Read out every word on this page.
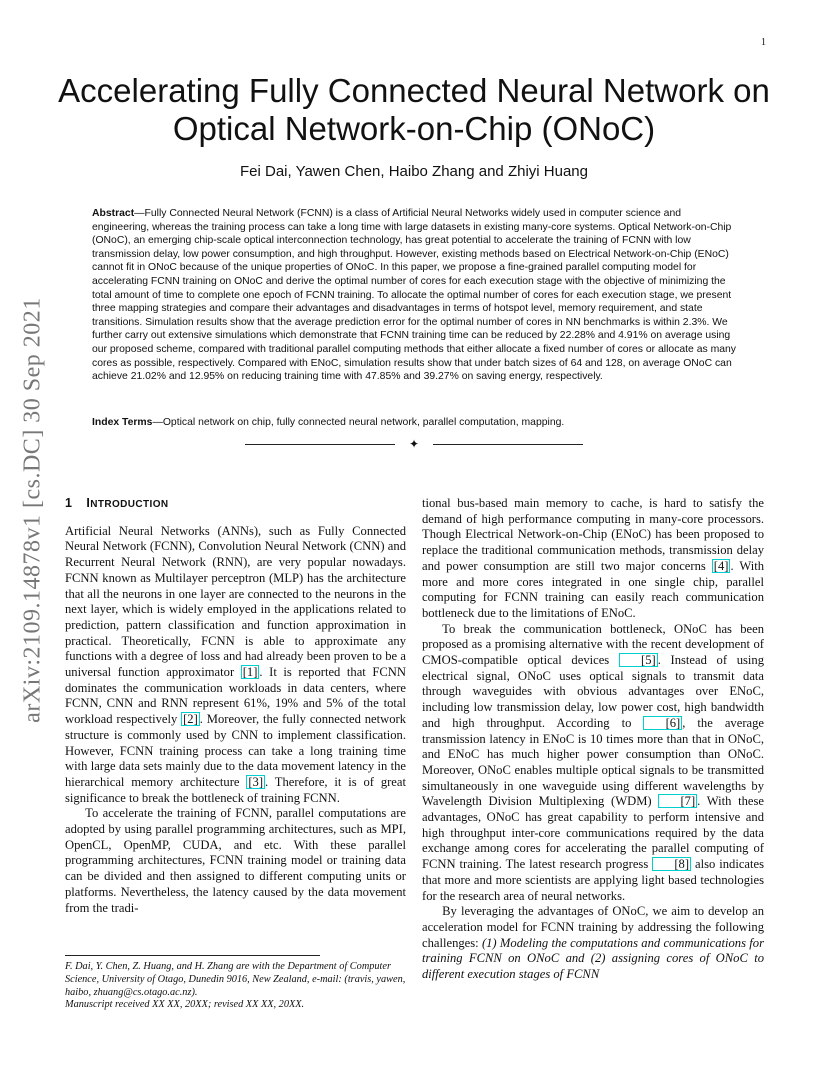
1
arXiv:2109.14878v1 [cs.DC] 30 Sep 2021
Accelerating Fully Connected Neural Network on Optical Network-on-Chip (ONoC)
Fei Dai, Yawen Chen, Haibo Zhang and Zhiyi Huang
Abstract—Fully Connected Neural Network (FCNN) is a class of Artificial Neural Networks widely used in computer science and engineering, whereas the training process can take a long time with large datasets in existing many-core systems. Optical Network-on-Chip (ONoC), an emerging chip-scale optical interconnection technology, has great potential to accelerate the training of FCNN with low transmission delay, low power consumption, and high throughput. However, existing methods based on Electrical Network-on-Chip (ENoC) cannot fit in ONoC because of the unique properties of ONoC. In this paper, we propose a fine-grained parallel computing model for accelerating FCNN training on ONoC and derive the optimal number of cores for each execution stage with the objective of minimizing the total amount of time to complete one epoch of FCNN training. To allocate the optimal number of cores for each execution stage, we present three mapping strategies and compare their advantages and disadvantages in terms of hotspot level, memory requirement, and state transitions. Simulation results show that the average prediction error for the optimal number of cores in NN benchmarks is within 2.3%. We further carry out extensive simulations which demonstrate that FCNN training time can be reduced by 22.28% and 4.91% on average using our proposed scheme, compared with traditional parallel computing methods that either allocate a fixed number of cores or allocate as many cores as possible, respectively. Compared with ENoC, simulation results show that under batch sizes of 64 and 128, on average ONoC can achieve 21.02% and 12.95% on reducing training time with 47.85% and 39.27% on saving energy, respectively.
Index Terms—Optical network on chip, fully connected neural network, parallel computation, mapping.
✦
1 INTRODUCTION

Artificial Neural Networks (ANNs), such as Fully Connected Neural Network (FCNN), Convolution Neural Network (CNN) and Recurrent Neural Network (RNN), are very popular nowadays. FCNN known as Multilayer perceptron (MLP) has the architecture that all the neurons in one layer are connected to the neurons in the next layer, which is widely employed in the applications related to prediction, pattern classification and function approximation in practical. Theoretically, FCNN is able to approximate any functions with a degree of loss and had already been proven to be a universal function approximator [1] . It is reported that FCNN dominates the communication workloads in data centers, where FCNN, CNN and RNN represent 61%, 19% and 5% of the total workload respectively [2] . Moreover, the fully connected network structure is commonly used by CNN to implement classification. However, FCNN training process can take a long training time with large data sets mainly due to the data movement latency in the hierarchical memory architecture [3] . Therefore, it is of great significance to break the bottleneck of training FCNN.

To accelerate the training of FCNN, parallel computations are adopted by using parallel programming architectures, such as MPI, OpenCL, OpenMP, CUDA, and etc. With these parallel programming architectures, FCNN training model or training data can be divided and then assigned to different computing units or platforms. Nevertheless, the latency caused by the data movement from the tradi-

tional bus-based main memory to cache, is hard to satisfy the demand of high performance computing in many-core processors. Though Electrical Network-on-Chip (ENoC) has been proposed to replace the traditional communication methods, transmission delay and power consumption are still two major concerns [4] . With more and more cores integrated in one single chip, parallel computing for FCNN training can easily reach communication bottleneck due to the limitations of ENoC.

To break the communication bottleneck, ONoC has been proposed as a promising alternative with the recent development of CMOS-compatible optical devices [5] . Instead of using electrical signal, ONoC uses optical signals to transmit data through waveguides with obvious advantages over ENoC, including low transmission delay, low power cost, high bandwidth and high throughput. According to [6] , the average transmission latency in ENoC is 10 times more than that in ONoC, and ENoC has much higher power consumption than ONoC. Moreover, ONoC enables multiple optical signals to be transmitted simultaneously in one waveguide using different wavelengths by Wavelength Division Multiplexing (WDM) [7] . With these advantages, ONoC has great capability to perform intensive and high throughput inter-core communications required by the data exchange among cores for accelerating the parallel computing of FCNN training. The latest research progress [8] also indicates that more and more scientists are applying light based technologies for the research area of neural networks.

By leveraging the advantages of ONoC, we aim to develop an acceleration model for FCNN training by addressing the following challenges: (1) Modeling the computations and communications for training FCNN on ONoC and (2) assigning cores of ONoC to different execution stages of FCNN

F. Dai, Y. Chen, Z. Huang, and H. Zhang are with the Department of Computer Science, University of Otago, Dunedin 9016, New Zealand, e-mail: (travis, yawen, haibo, zhuang@cs.otago.ac.nz).

Manuscript received XX XX, 20XX; revised XX XX, 20XX.
